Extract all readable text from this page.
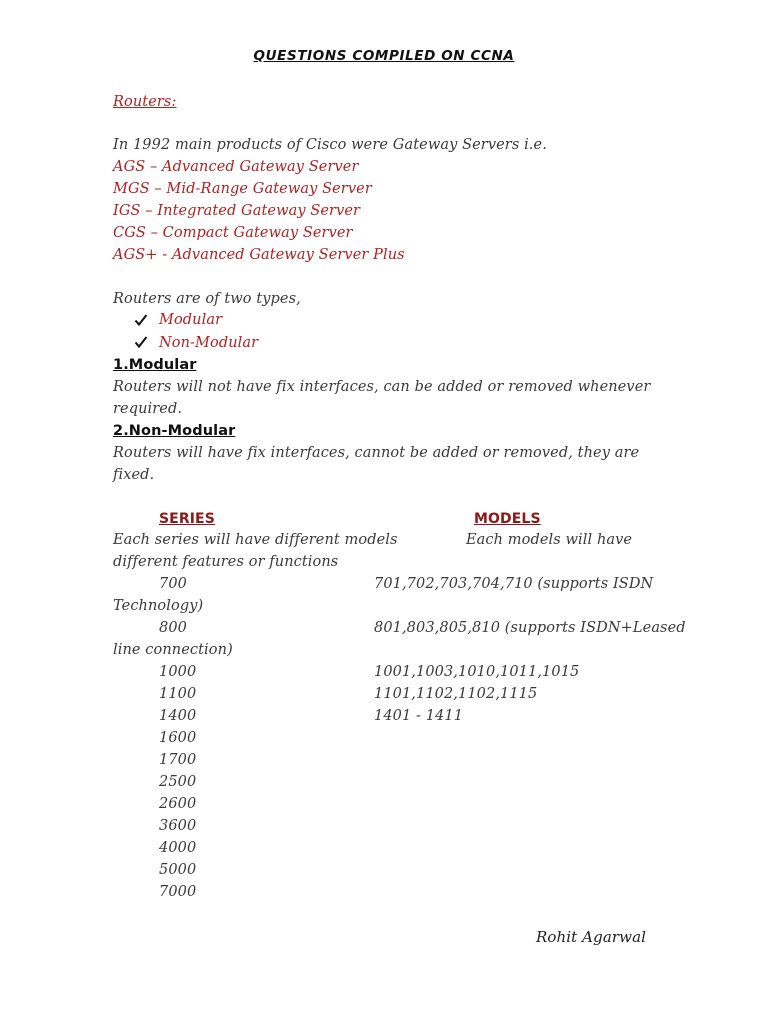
QUESTIONS COMPILED ON CCNA
Routers:
In 1992 main products of Cisco were Gateway Servers i.e.
AGS – Advanced Gateway Server
MGS – Mid-Range Gateway Server
IGS – Integrated Gateway Server
CGS – Compact Gateway Server
AGS+ - Advanced Gateway Server Plus
Routers are of two types,
Modular
Non-Modular
1.Modular
Routers will not have fix interfaces, can be added or removed whenever
required.
2.Non-Modular
Routers will have fix interfaces, cannot be added or removed, they are
fixed.
SERIES	MODELS
Each series will have different models	Each models will have
different features or functions
700	701,702,703,704,710 (supports ISDN
Technology)
800	801,803,805,810 (supports ISDN+Leased
line connection)
1000	1001,1003,1010,1011,1015
1100	1101,1102,1102,1115
1400	1401 - 1411
1600
1700
2500
2600
3600
4000
5000
7000
Rohit Agarwal
